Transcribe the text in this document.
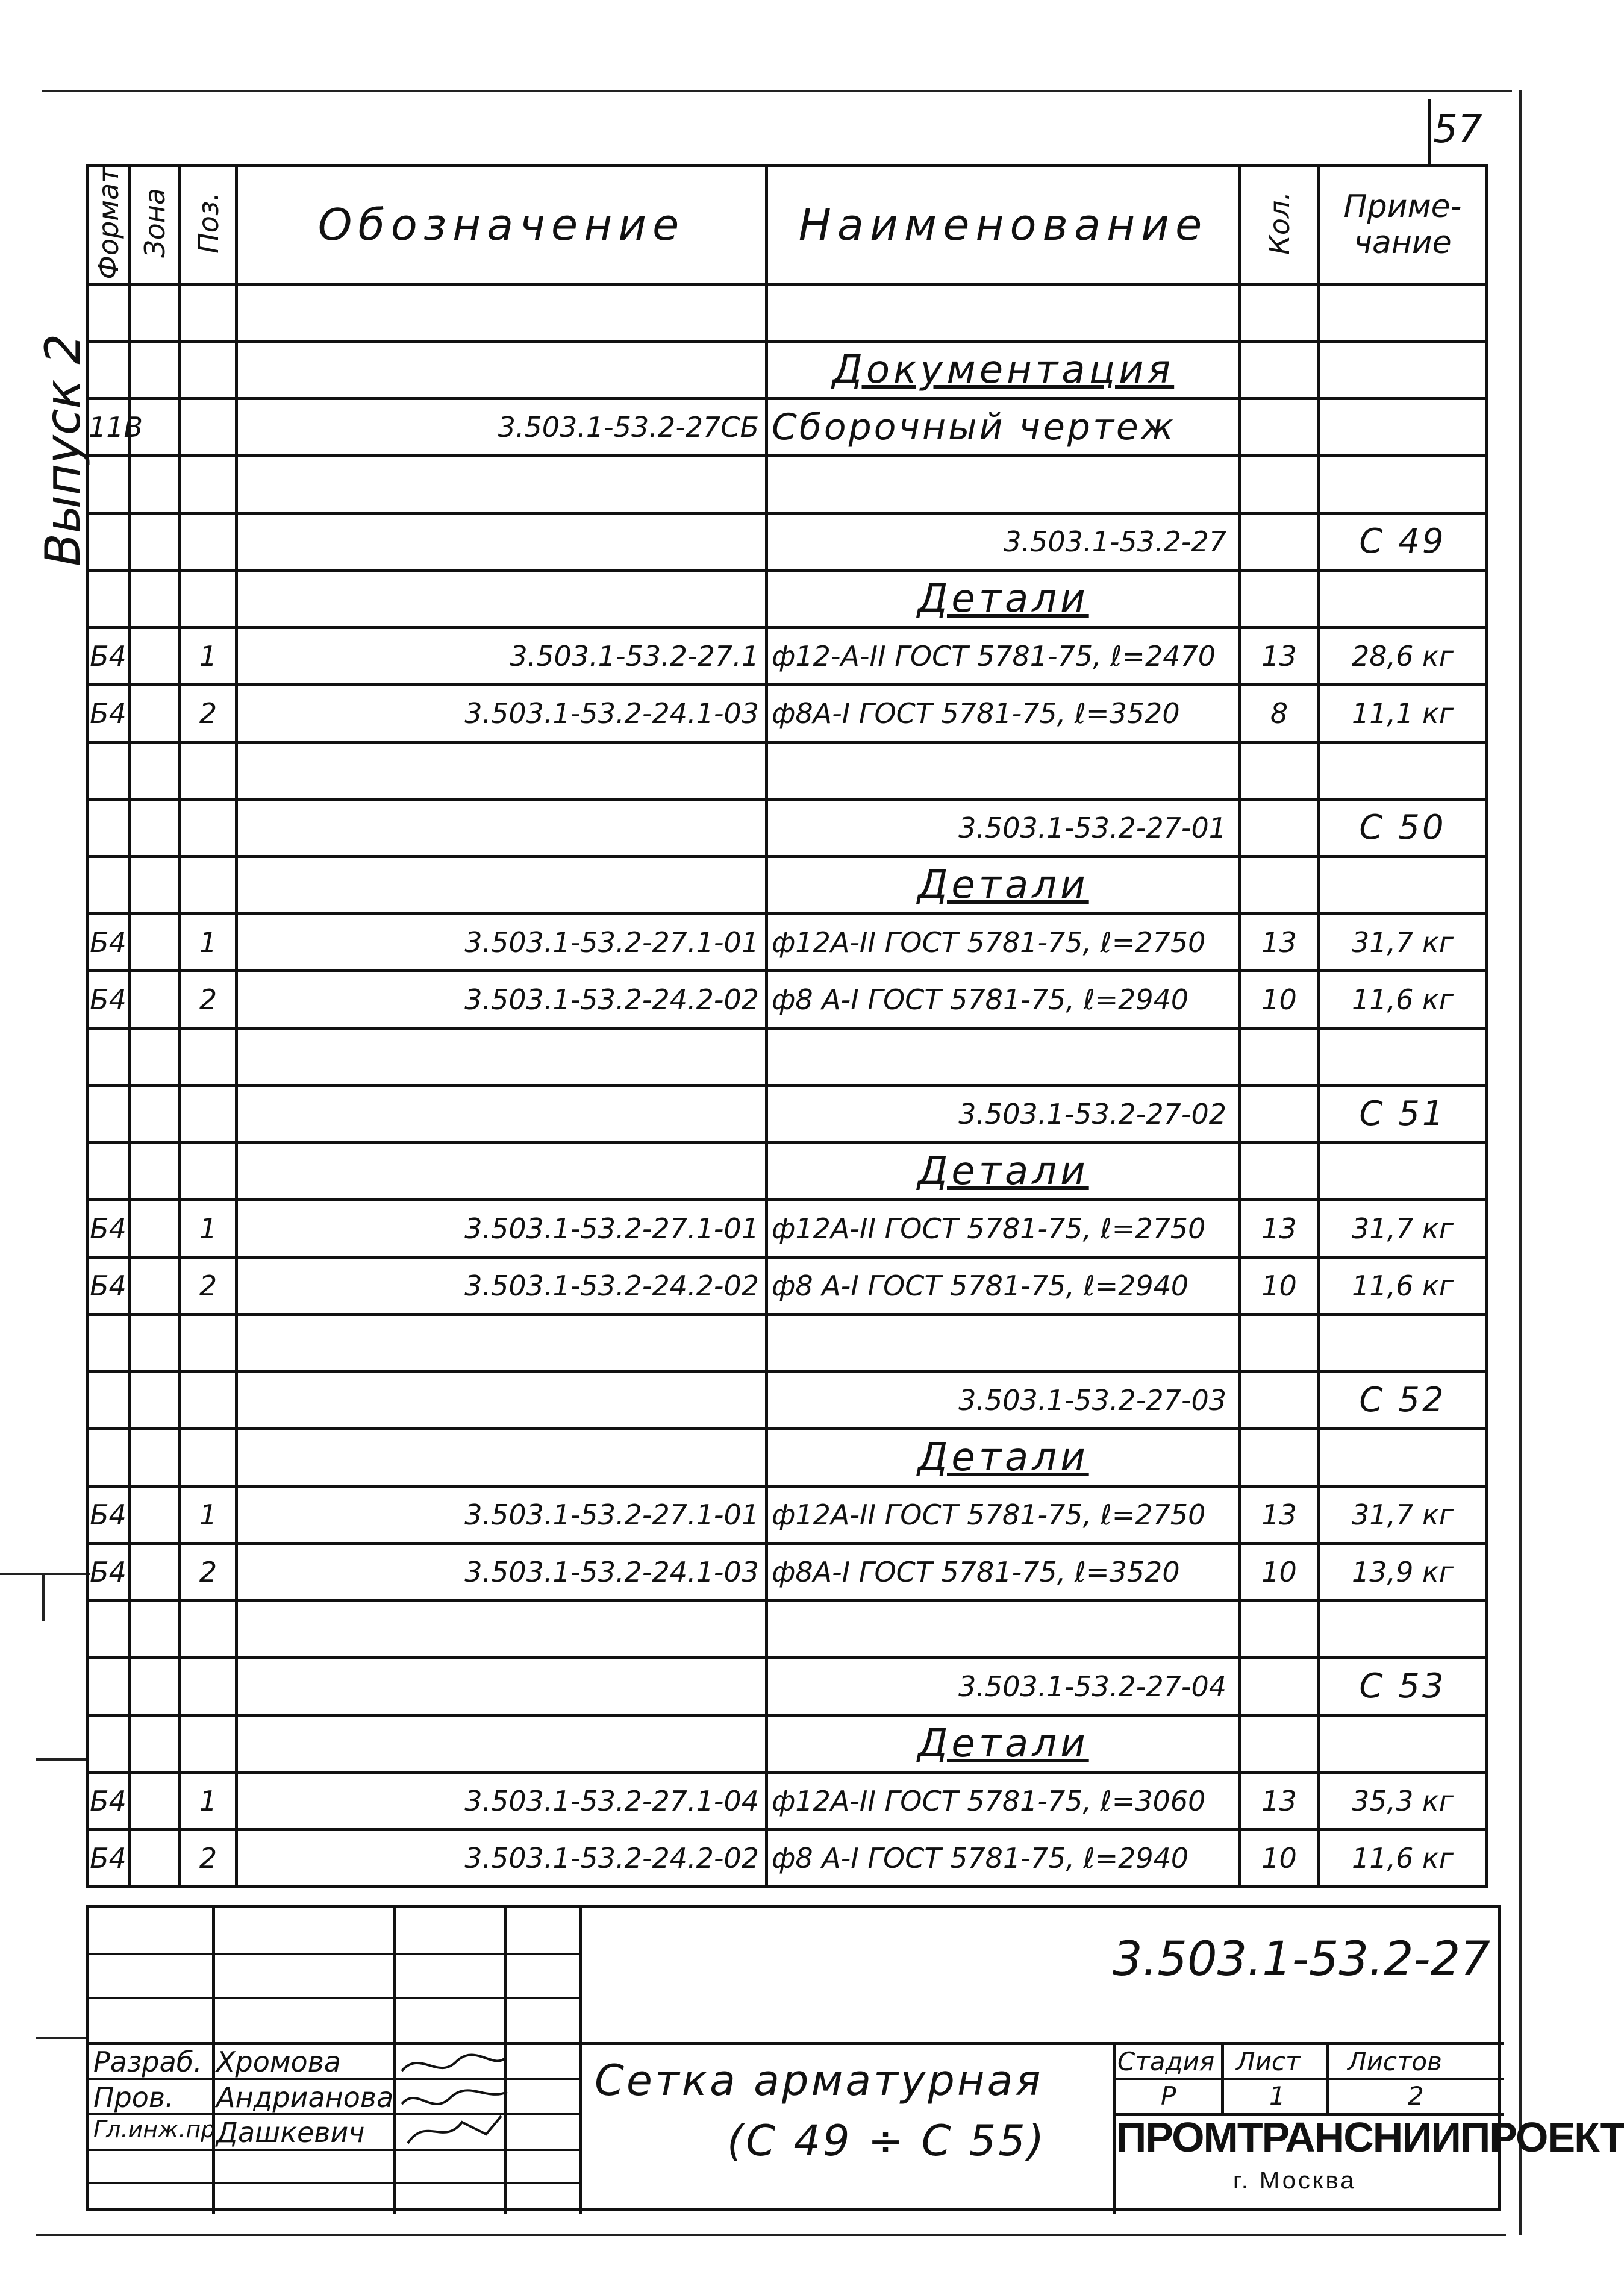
57
Выпуск 2
Формат	Зона	Поз.	Обозначение	Наименование	Кол.	Приме- чание

				Документация		

11В			3.503.1-53.2-27СБ	Сборочный чертеж		

				3.503.1-53.2-27		С 49

				Детали		

Б4		1	3.503.1-53.2-27.1	ф12-А-II ГОСТ 5781-75, ℓ=2470	13	28,6 кг
Б4		2	3.503.1-53.2-24.1-03	ф8А-I ГОСТ 5781-75, ℓ=3520	8	11,1 кг

				3.503.1-53.2-27-01		С 50

				Детали		

Б4		1	3.503.1-53.2-27.1-01	ф12А-II ГОСТ 5781-75, ℓ=2750	13	31,7 кг
Б4		2	3.503.1-53.2-24.2-02	ф8 А-I ГОСТ 5781-75, ℓ=2940	10	11,6 кг

				3.503.1-53.2-27-02		С 51

				Детали		

Б4		1	3.503.1-53.2-27.1-01	ф12А-II ГОСТ 5781-75, ℓ=2750	13	31,7 кг
Б4		2	3.503.1-53.2-24.2-02	ф8 А-I ГОСТ 5781-75, ℓ=2940	10	11,6 кг

				3.503.1-53.2-27-03		С 52

				Детали		

Б4		1	3.503.1-53.2-27.1-01	ф12А-II ГОСТ 5781-75, ℓ=2750	13	31,7 кг
Б4		2	3.503.1-53.2-24.1-03	ф8А-I ГОСТ 5781-75, ℓ=3520	10	13,9 кг

				3.503.1-53.2-27-04		С 53

				Детали		

Б4		1	3.503.1-53.2-27.1-04	ф12А-II ГОСТ 5781-75, ℓ=3060	13	35,3 кг
Б4		2	3.503.1-53.2-24.2-02	ф8 А-I ГОСТ 5781-75, ℓ=2940	10	11,6 кг
Разраб. Хромова
Пров. Андрианова
Гл.инж.пр Дашкевич
3.503.1-53.2-27
Сетка арматурная
(С 49 ÷ С 55)
Стадия Лист Листов
Р	1	2
ПРОМТРАНСНИИПРОЕКТ
г. Москва
